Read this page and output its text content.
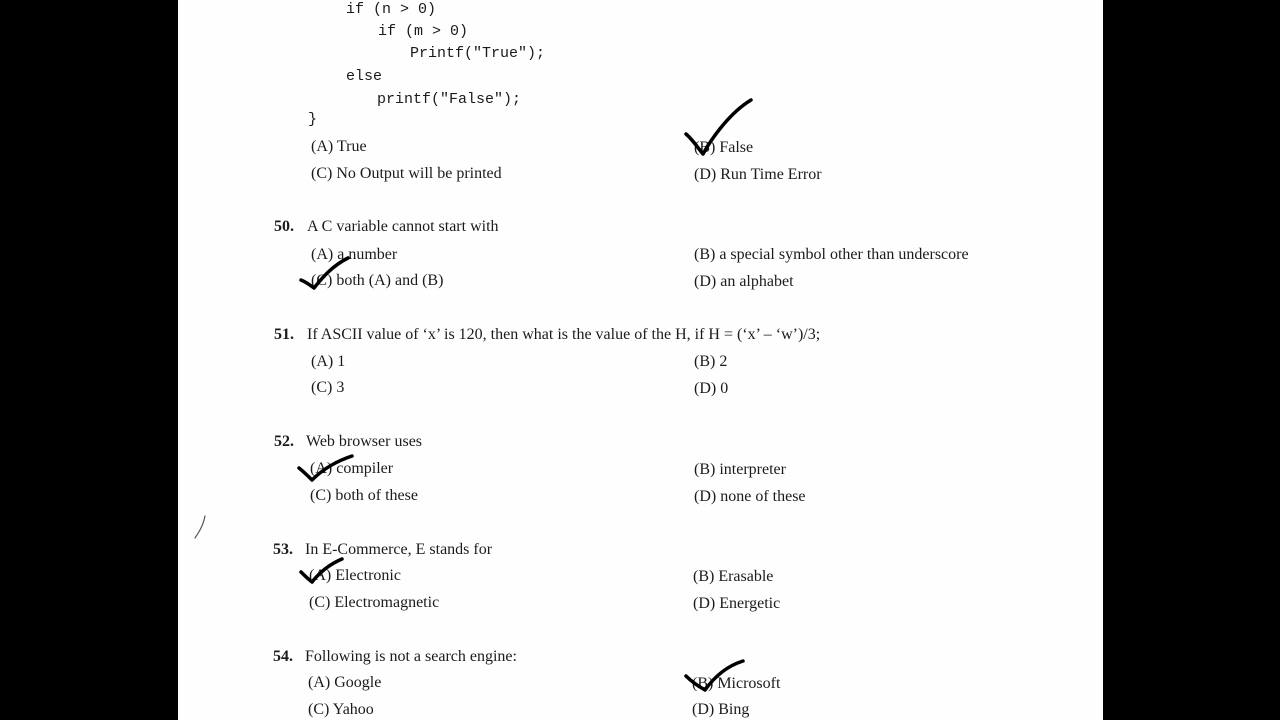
if (n > 0)
if (m > 0)
Printf("True");
else
printf("False");
}
(A) True	(B) False
(C) No Output will be printed	(D) Run Time Error
50. A C variable cannot start with
(A) a number	(B) a special symbol other than underscore
(C) both (A) and (B)	(D) an alphabet
51. If ASCII value of ‘x’ is 120, then what is the value of the H, if H = (‘x’ – ‘w’)/3;
(A) 1	(B) 2
(C) 3	(D) 0
52. Web browser uses
(A) compiler	(B) interpreter
(C) both of these	(D) none of these
53. In E-Commerce, E stands for
(A) Electronic	(B) Erasable
(C) Electromagnetic	(D) Energetic
54. Following is not a search engine:
(A) Google	(B) Microsoft
(C) Yahoo	(D) Bing
